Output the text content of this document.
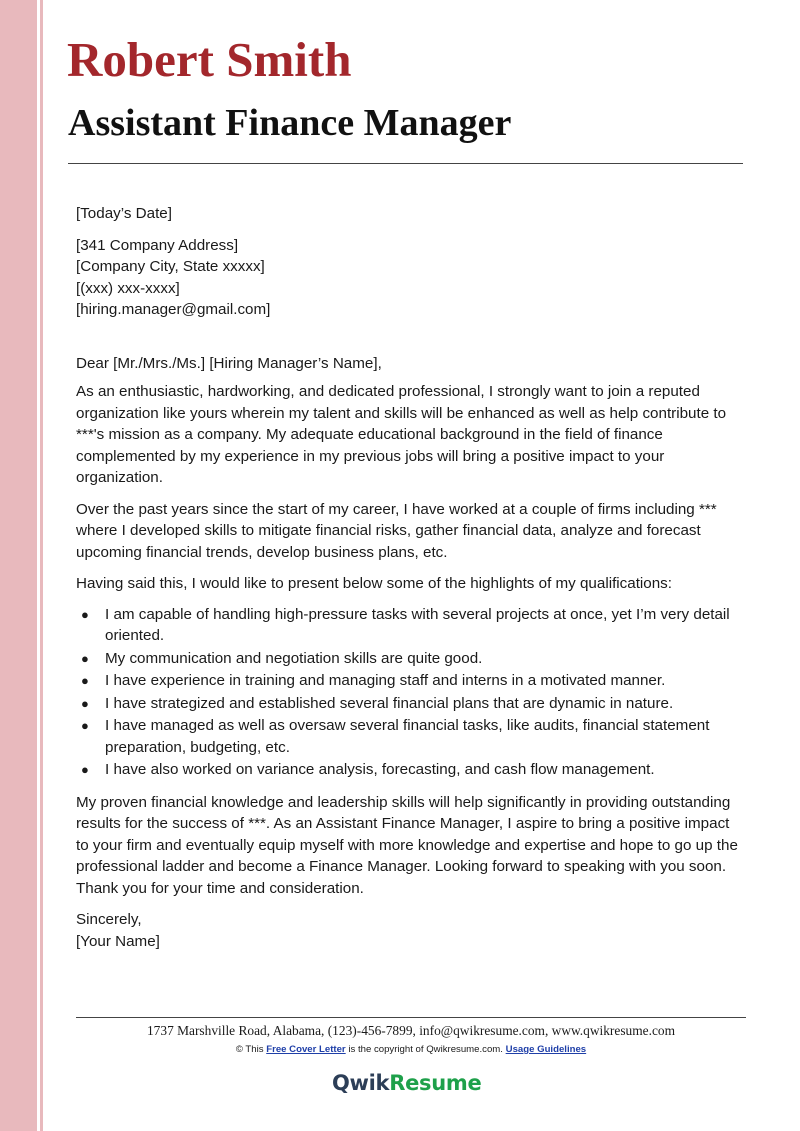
Robert Smith
Assistant Finance Manager

[Today’s Date]

[341 Company Address]
[Company City, State xxxxx]
[(xxx) xxx-xxxx]
[hiring.manager@gmail.com]

Dear [Mr./Mrs./Ms.] [Hiring Manager’s Name],

As an enthusiastic, hardworking, and dedicated professional, I strongly want to join a reputed organization like yours wherein my talent and skills will be enhanced as well as help contribute to ***'s mission as a company. My adequate educational background in the field of finance complemented by my experience in my previous jobs will bring a positive impact to your organization.

Over the past years since the start of my career, I have worked at a couple of firms including *** where I developed skills to mitigate financial risks, gather financial data, analyze and forecast upcoming financial trends, develop business plans, etc.

Having said this, I would like to present below some of the highlights of my qualifications:

● I am capable of handling high-pressure tasks with several projects at once, yet I’m very detail oriented.
● My communication and negotiation skills are quite good.
● I have experience in training and managing staff and interns in a motivated manner.
● I have strategized and established several financial plans that are dynamic in nature.
● I have managed as well as oversaw several financial tasks, like audits, financial statement preparation, budgeting, etc.
● I have also worked on variance analysis, forecasting, and cash flow management.

My proven financial knowledge and leadership skills will help significantly in providing outstanding results for the success of ***. As an Assistant Finance Manager, I aspire to bring a positive impact to your firm and eventually equip myself with more knowledge and expertise and hope to go up the professional ladder and become a Finance Manager. Looking forward to speaking with you soon. Thank you for your time and consideration.

Sincerely,

[Your Name]

1737 Marshville Road, Alabama, (123)-456-7899, info@qwikresume.com, www.qwikresume.com
© This Free Cover Letter is the copyright of Qwikresume.com. Usage Guidelines
QwikResume
